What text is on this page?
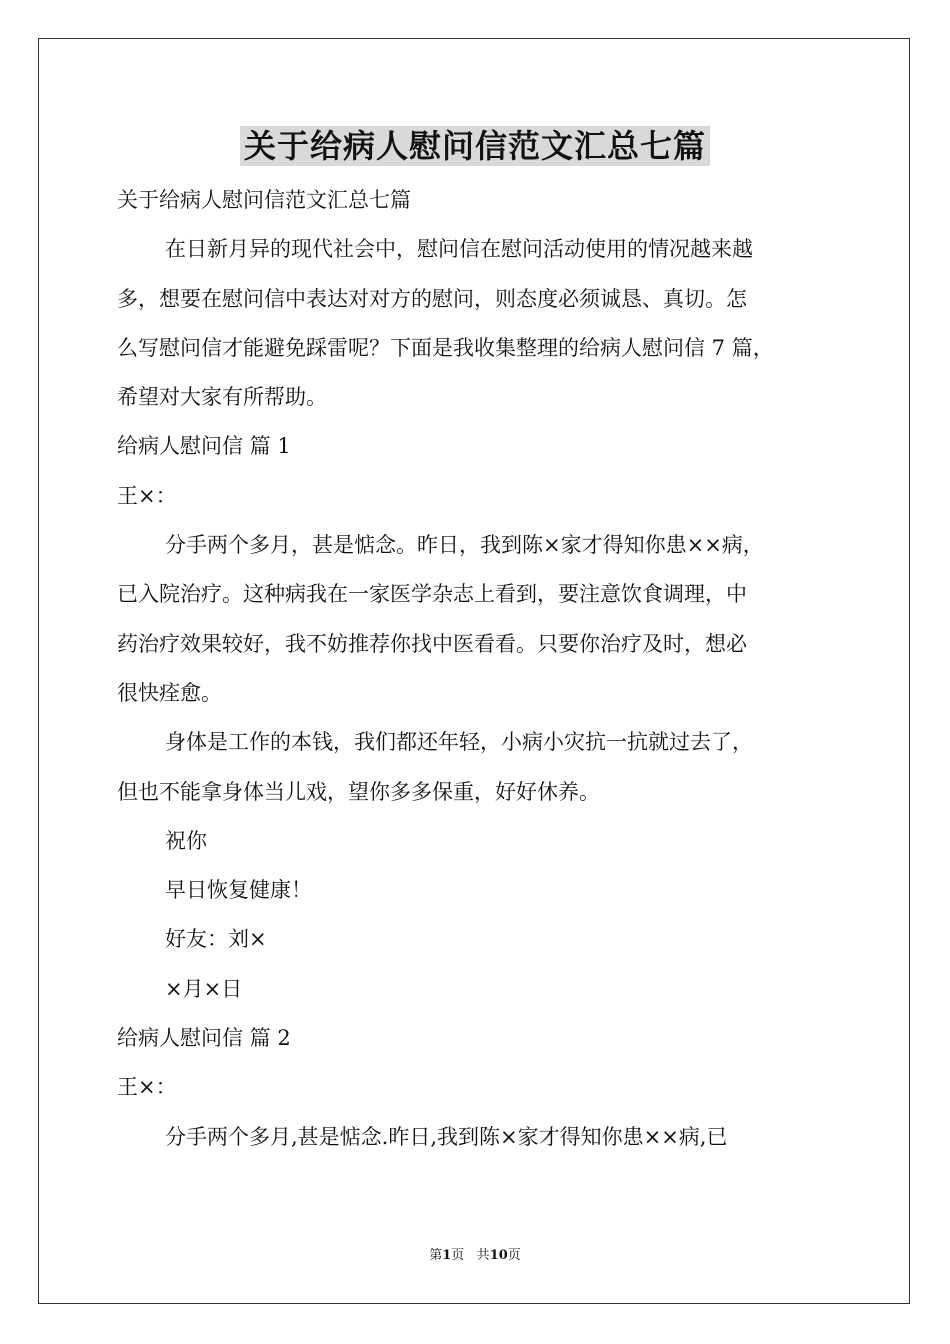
关于给病人慰问信范文汇总七篇
关于给病人慰问信范文汇总七篇
在日新月异的现代社会中，慰问信在慰问活动使用的情况越来越
多，想要在慰问信中表达对对方的慰问，则态度必须诚恳、真切。怎
么写慰问信才能避免踩雷呢？下面是我收集整理的给病人慰问信 7 篇，
希望对大家有所帮助。
给病人慰问信 篇 1
王×：
分手两个多月，甚是惦念。昨日，我到陈×家才得知你患××病，
已入院治疗。这种病我在一家医学杂志上看到，要注意饮食调理，中
药治疗效果较好，我不妨推荐你找中医看看。只要你治疗及时，想必
很快痊愈。
身体是工作的本钱，我们都还年轻，小病小灾抗一抗就过去了，
但也不能拿身体当儿戏，望你多多保重，好好休养。
祝你
早日恢复健康！
好友：刘×
×月×日
给病人慰问信 篇 2
王×：
分手两个多月,甚是惦念.昨日,我到陈×家才得知你患××病,已
第1页 共10页
